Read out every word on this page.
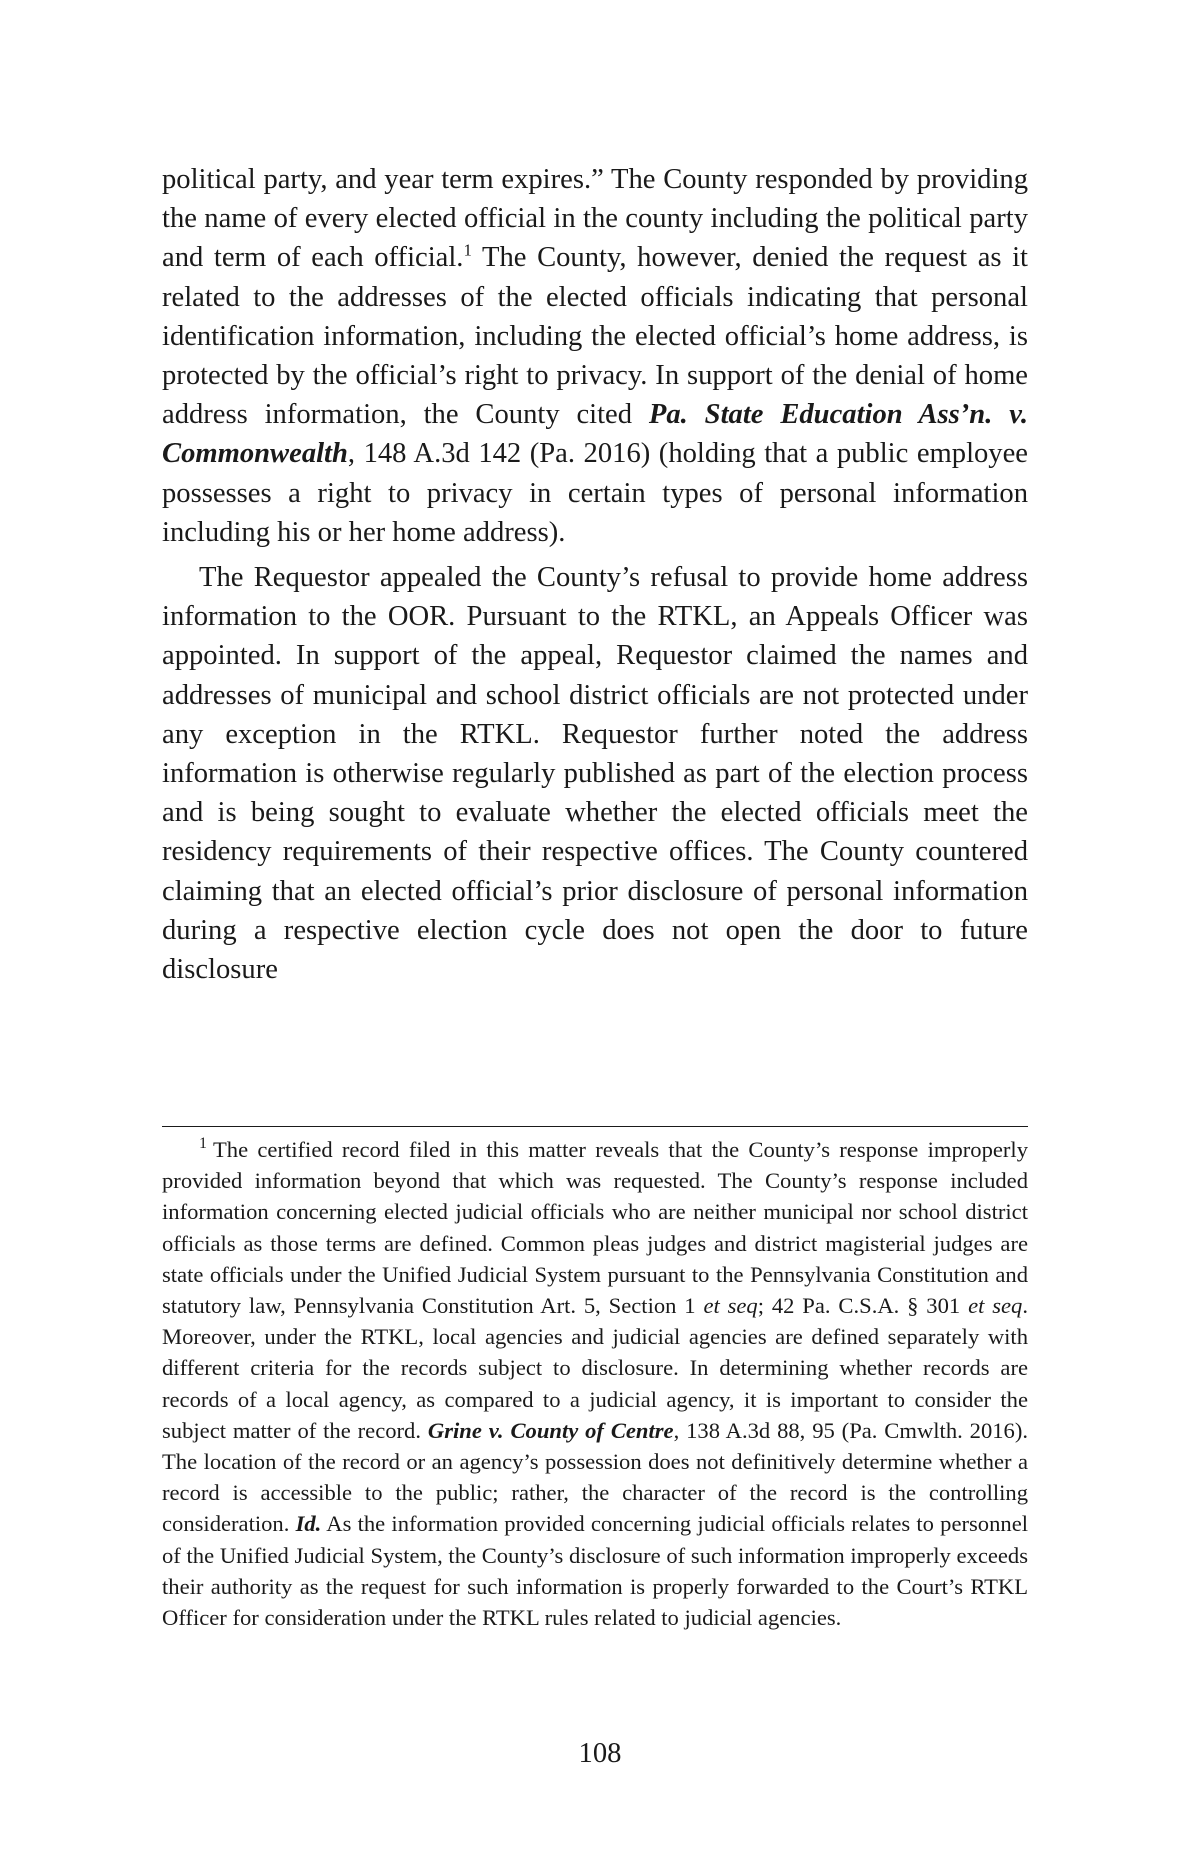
political party, and year term expires.” The County responded by providing the name of every elected official in the county including the political party and term of each official.$^1$ The County, however, denied the request as it related to the addresses of the elected officials indicating that personal identification information, including the elected official’s home address, is protected by the official’s right to privacy. In support of the denial of home address information, the County cited Pa. State Education Ass’n. v. Commonwealth, 148 A.3d 142 (Pa. 2016) (holding that a public employee possesses a right to privacy in certain types of personal information including his or her home address).

The Requestor appealed the County’s refusal to provide home address information to the OOR. Pursuant to the RTKL, an Appeals Officer was appointed. In support of the appeal, Requestor claimed the names and addresses of municipal and school district officials are not protected under any exception in the RTKL. Requestor further noted the address information is otherwise regularly published as part of the election process and is being sought to evaluate whether the elected officials meet the residency requirements of their respective offices. The County countered claiming that an elected official’s prior disclosure of personal information during a respective election cycle does not open the door to future disclosure

$^1$ The certified record filed in this matter reveals that the County’s response improperly provided information beyond that which was requested. The County’s response included information concerning elected judicial officials who are neither municipal nor school district officials as those terms are defined. Common pleas judges and district magisterial judges are state officials under the Unified Judicial System pursuant to the Pennsylvania Constitution and statutory law, Pennsylvania Constitution Art. 5, Section 1 et seq; 42 Pa. C.S.A. § 301 et seq. Moreover, under the RTKL, local agencies and judicial agencies are defined separately with different criteria for the records subject to disclosure. In determining whether records are records of a local agency, as compared to a judicial agency, it is important to consider the subject matter of the record. Grine v. County of Centre, 138 A.3d 88, 95 (Pa. Cmwlth. 2016). The location of the record or an agency’s possession does not definitively determine whether a record is accessible to the public; rather, the character of the record is the controlling consideration. Id. As the information provided concerning judicial officials relates to personnel of the Unified Judicial System, the County’s disclosure of such information improperly exceeds their authority as the request for such information is properly forwarded to the Court’s RTKL Officer for consideration under the RTKL rules related to judicial agencies.
108
